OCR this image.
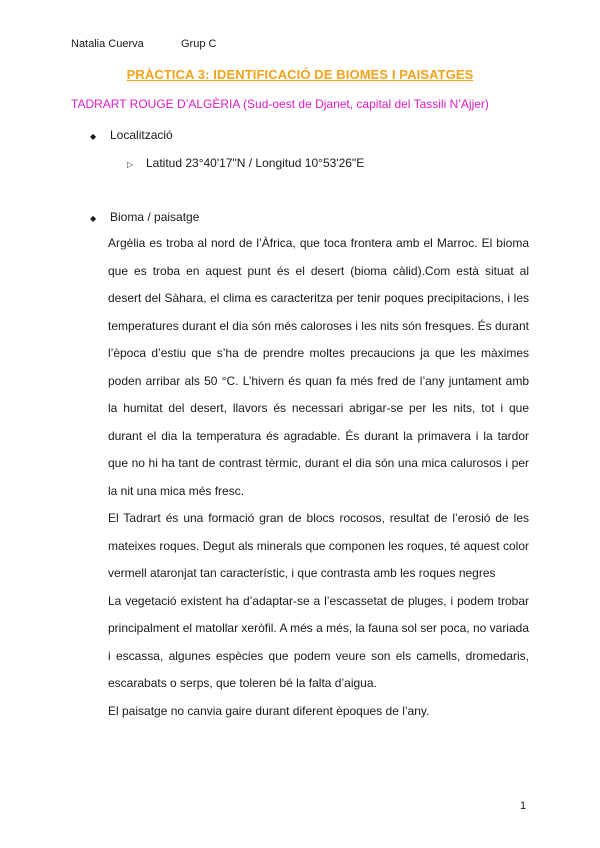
Natalia Cuerva	Grup C
PRÀCTICA 3: IDENTIFICACIÓ DE BIOMES I PAISATGES
TADRART ROUGE D’ALGÈRIA (Sud-oest de Djanet, capital del Tassili N’Ajjer)
◆	Localització
▷	Latitud 23°40'17"N / Longitud 10°53'26"E
◆	Bioma / paisatge

Argèlia es troba al nord de l’Àfrica, que toca frontera amb el Marroc. El bioma que es troba en aquest punt és el desert (bioma càlid).Com està situat al desert del Sàhara, el clima es caracteritza per tenir poques precipitacions, i les temperatures durant el dia són més caloroses i les nits són fresques. És durant l’època d’estiu que s’ha de prendre moltes precaucions ja que les màximes poden arribar als 50 °C. L’hivern és quan fa més fred de l’any juntament amb la humitat del desert, llavors és necessari abrigar-se per les nits, tot i que durant el dia la temperatura és agradable. És durant la primavera i la tardor que no hi ha tant de contrast tèrmic, durant el dia són una mica calurosos i per la nit una mica més fresc.

El Tadrart és una formació gran de blocs rocosos, resultat de l’erosió de les mateixes roques. Degut als minerals que componen les roques, té aquest color vermell ataronjat tan característic, i que contrasta amb les roques negres

La vegetació existent ha d’adaptar-se a l’escassetat de pluges, i podem trobar principalment el matollar xeròfil. A més a més, la fauna sol ser poca, no variada i escassa, algunes espècies que podem veure son els camells, dromedaris, escarabats o serps, que toleren bé la falta d’aigua.

El paisatge no canvia gaire durant diferent èpoques de l’any.

1
